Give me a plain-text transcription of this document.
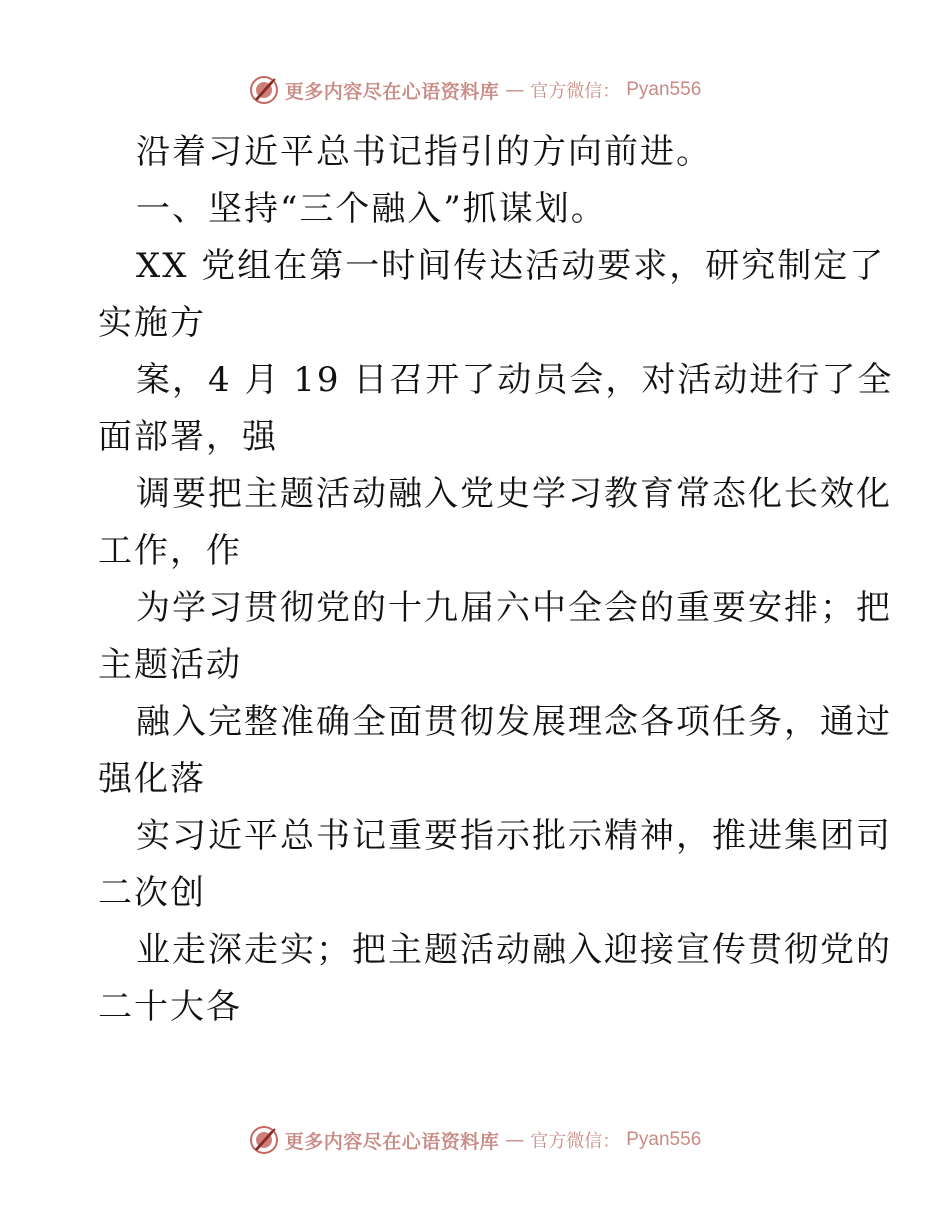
更多内容尽在心语资料库 — 官方微信： Pyan556
沿着习近平总书记指引的方向前进。
一、坚持“三个融入”抓谋划。
XX 党组在第一时间传达活动要求，研究制定了
实施方
案，4 月 19 日召开了动员会，对活动进行了全
面部署，强
调要把主题活动融入党史学习教育常态化长效化
工作，作
为学习贯彻党的十九届六中全会的重要安排；把
主题活动
融入完整准确全面贯彻发展理念各项任务，通过
强化落
实习近平总书记重要指示批示精神，推进集团司
二次创
业走深走实；把主题活动融入迎接宣传贯彻党的
二十大各
更多内容尽在心语资料库 — 官方微信： Pyan556
